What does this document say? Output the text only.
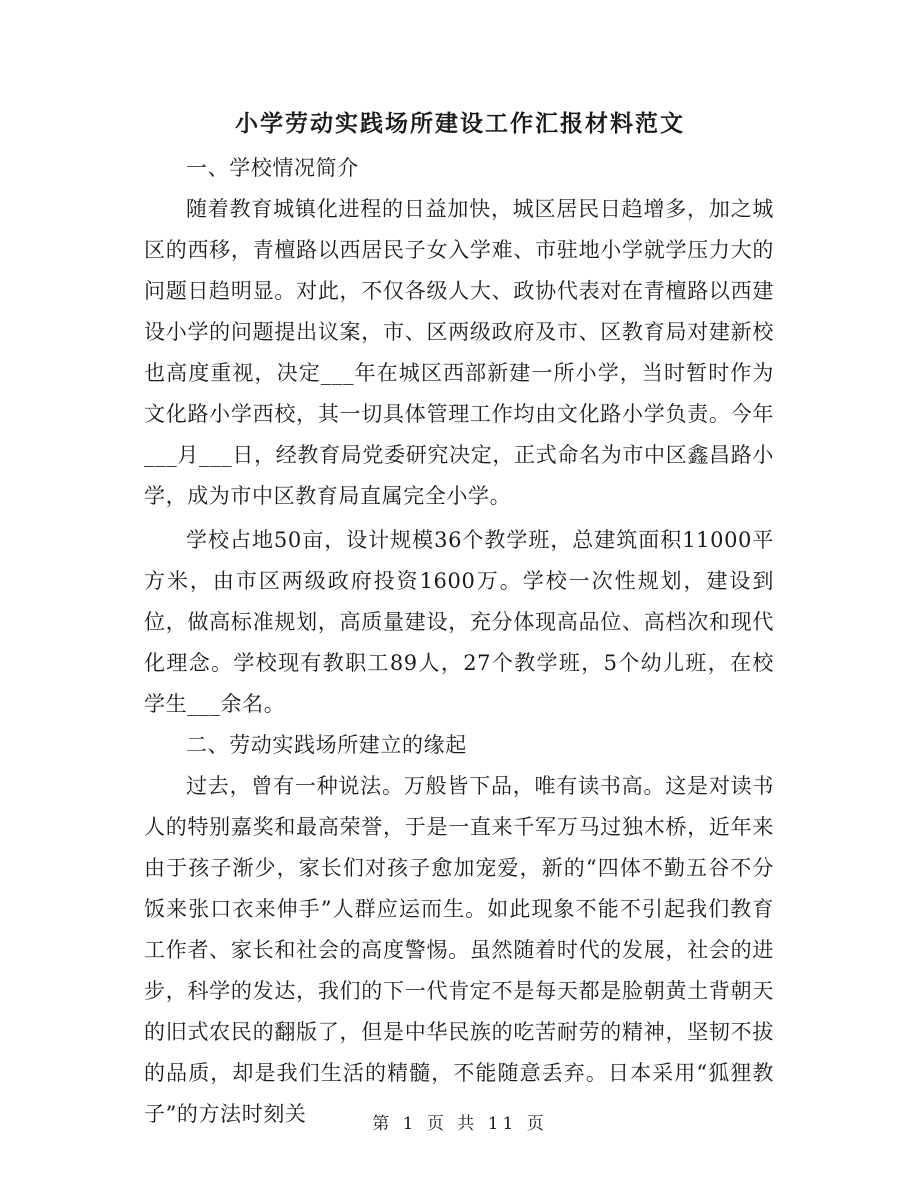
小学劳动实践场所建设工作汇报材料范文

一、学校情况简介

随着教育城镇化进程的日益加快，城区居民日趋增多，加之城区的西移，青檀路以西居民子女入学难、市驻地小学就学压力大的问题日趋明显。对此，不仅各级人大、政协代表对在青檀路以西建设小学的问题提出议案，市、区两级政府及市、区教育局对建新校也高度重视，决定___年在城区西部新建一所小学，当时暂时作为文化路小学西校，其一切具体管理工作均由文化路小学负责。今年___月___日，经教育局党委研究决定，正式命名为市中区鑫昌路小学，成为市中区教育局直属完全小学。

学校占地50亩，设计规模36个教学班，总建筑面积11000平方米，由市区两级政府投资1600万。学校一次性规划，建设到位，做高标准规划，高质量建设，充分体现高品位、高档次和现代化理念。学校现有教职工89人，27个教学班，5个幼儿班，在校学生___余名。

二、劳动实践场所建立的缘起

过去，曾有一种说法。万般皆下品，唯有读书高。这是对读书人的特别嘉奖和最高荣誉，于是一直来千军万马过独木桥，近年来由于孩子渐少，家长们对孩子愈加宠爱，新的“四体不勤五谷不分饭来张口衣来伸手”人群应运而生。如此现象不能不引起我们教育工作者、家长和社会的高度警惕。虽然随着时代的发展，社会的进步，科学的发达，我们的下一代肯定不是每天都是脸朝黄土背朝天的旧式农民的翻版了，但是中华民族的吃苦耐劳的精神，坚韧不拔的品质，却是我们生活的精髓，不能随意丢弃。日本采用“狐狸教子”的方法时刻关	第 1 页 共 11 页
